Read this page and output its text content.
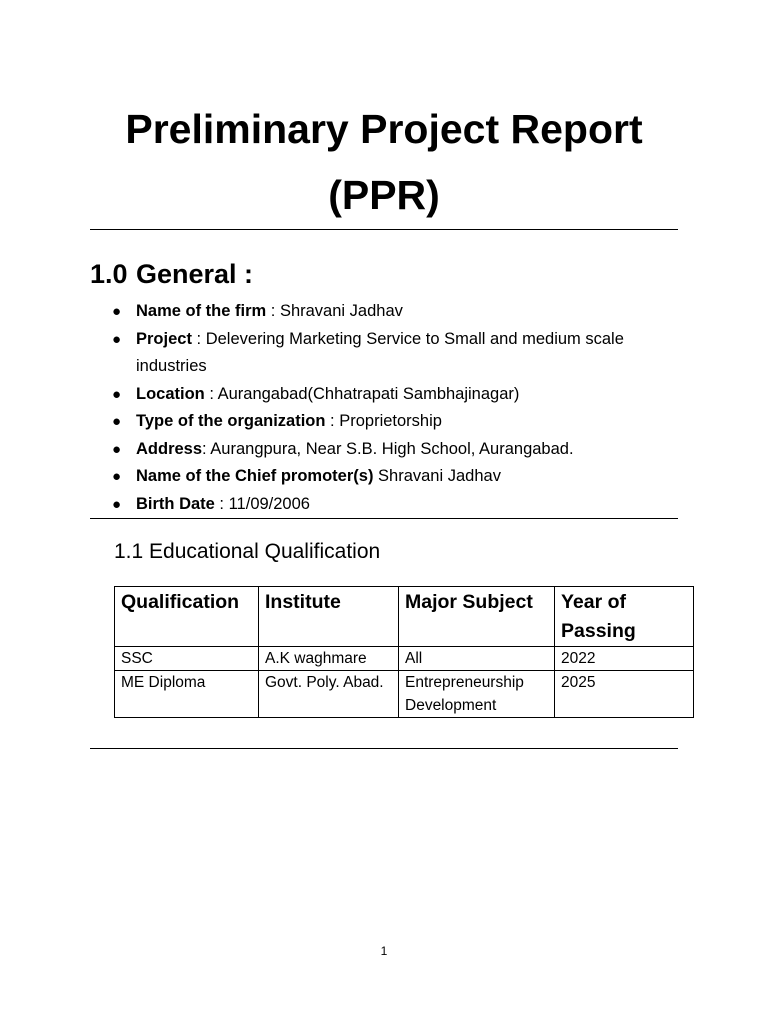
Preliminary Project Report
(PPR)
1.0 General :
● Name of the firm : Shravani Jadhav
● Project : Delevering Marketing Service to Small and medium scale industries
● Location : Aurangabad(Chhatrapati Sambhajinagar)
● Type of the organization : Proprietorship
● Address: Aurangpura, Near S.B. High School, Aurangabad.
● Name of the Chief promoter(s) Shravani Jadhav
● Birth Date : 11/09/2006
1.1 Educational Qualification
Qualification	Institute	Major Subject	Year of Passing
SSC	A.K waghmare	All	2022
ME Diploma	Govt. Poly. Abad.	Entrepreneurship Development	2025
1
